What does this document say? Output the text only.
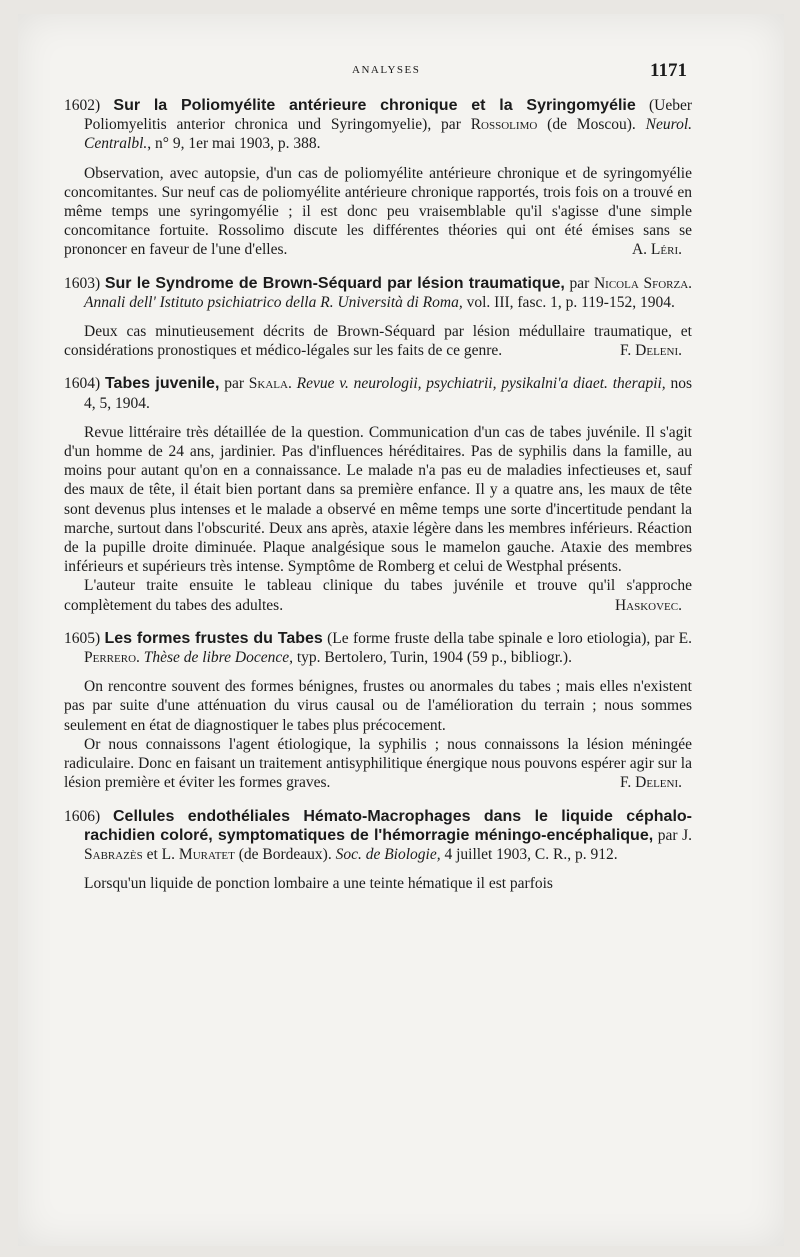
ANALYSES	1171

1602) Sur la Poliomyélite antérieure chronique et la Syringomyélie (Ueber Poliomyelitis anterior chronica und Syringomyelie), par Rossolimo (de Moscou). Neurol. Centralbl., n° 9, 1er mai 1903, p. 388.

Observation, avec autopsie, d'un cas de poliomyélite antérieure chronique et de syringomyélie concomitantes. Sur neuf cas de poliomyélite antérieure chronique rapportés, trois fois on a trouvé en même temps une syringomyélie ; il est donc peu vraisemblable qu'il s'agisse d'une simple concomitance fortuite. Rossolimo discute les différentes théories qui ont été émises sans se prononcer en faveur de l'une d'elles.	A. Léri.

1603) Sur le Syndrome de Brown-Séquard par lésion traumatique, par Nicola Sforza. Annali dell' Istituto psichiatrico della R. Università di Roma, vol. III, fasc. 1, p. 119-152, 1904.

Deux cas minutieusement décrits de Brown-Séquard par lésion médullaire traumatique, et considérations pronostiques et médico-légales sur les faits de ce genre.	F. Deleni.

1604) Tabes juvenile, par Skala. Revue v. neurologii, psychiatrii, pysikalni'a diaet. therapii, nos 4, 5, 1904.

Revue littéraire très détaillée de la question. Communication d'un cas de tabes juvénile. Il s'agit d'un homme de 24 ans, jardinier. Pas d'influences héréditaires. Pas de syphilis dans la famille, au moins pour autant qu'on en a connaissance. Le malade n'a pas eu de maladies infectieuses et, sauf des maux de tête, il était bien portant dans sa première enfance. Il y a quatre ans, les maux de tête sont devenus plus intenses et le malade a observé en même temps une sorte d'incertitude pendant la marche, surtout dans l'obscurité. Deux ans après, ataxie légère dans les membres inférieurs. Réaction de la pupille droite diminuée. Plaque analgésique sous le mamelon gauche. Ataxie des membres inférieurs et supérieurs très intense. Symptôme de Romberg et celui de Westphal présents.

L'auteur traite ensuite le tableau clinique du tabes juvénile et trouve qu'il s'approche complètement du tabes des adultes.	Haskovec.

1605) Les formes frustes du Tabes (Le forme fruste della tabe spinale e loro etiologia), par E. Perrero. Thèse de libre Docence, typ. Bertolero, Turin, 1904 (59 p., bibliogr.).

On rencontre souvent des formes bénignes, frustes ou anormales du tabes ; mais elles n'existent pas par suite d'une atténuation du virus causal ou de l'amélioration du terrain ; nous sommes seulement en état de diagnostiquer le tabes plus précocement.

Or nous connaissons l'agent étiologique, la syphilis ; nous connaissons la lésion méningée radiculaire. Donc en faisant un traitement antisyphilitique énergique nous pouvons espérer agir sur la lésion première et éviter les formes graves.	F. Deleni.

1606) Cellules endothéliales Hémato-Macrophages dans le liquide céphalo-rachidien coloré, symptomatiques de l'hémorragie méningo-encéphalique, par J. Sabrazès et L. Muratet (de Bordeaux). Soc. de Biologie, 4 juillet 1903, C. R., p. 912.

Lorsqu'un liquide de ponction lombaire a une teinte hématique il est parfois
